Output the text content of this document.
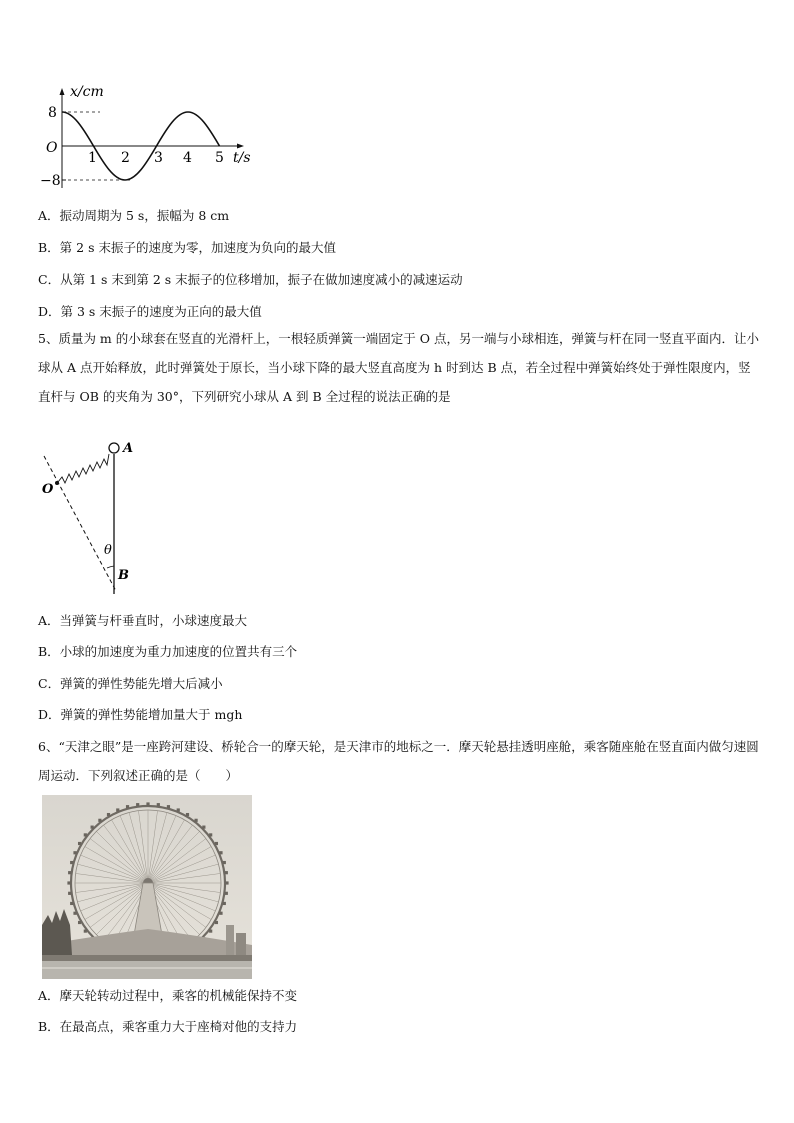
x/cm
8
O
−8
1 2 3 4 5 t/s
A．振动周期为 5 s，振幅为 8 cm
B．第 2 s 末振子的速度为零，加速度为负向的最大值
C．从第 1 s 末到第 2 s 末振子的位移增加，振子在做加速度减小的减速运动
D．第 3 s 末振子的速度为正向的最大值
5、质量为 m 的小球套在竖直的光滑杆上，一根轻质弹簧一端固定于 O 点，另一端与小球相连，弹簧与杆在同一竖直平面内．让小球从 A 点开始释放，此时弹簧处于原长，当小球下降的最大竖直高度为 h 时到达 B 点，若全过程中弹簧始终处于弹性限度内，竖直杆与 OB 的夹角为 30°，下列研究小球从 A 到 B 全过程的说法正确的是
A
O
θ
B
A．当弹簧与杆垂直时，小球速度最大
B．小球的加速度为重力加速度的位置共有三个
C．弹簧的弹性势能先增大后减小
D．弹簧的弹性势能增加量大于 mgh
6、“天津之眼”是一座跨河建设、桥轮合一的摩天轮，是天津市的地标之一．摩天轮悬挂透明座舱，乘客随座舱在竖直面内做匀速圆周运动．下列叙述正确的是（　　）
A．摩天轮转动过程中，乘客的机械能保持不变
B．在最高点，乘客重力大于座椅对他的支持力
